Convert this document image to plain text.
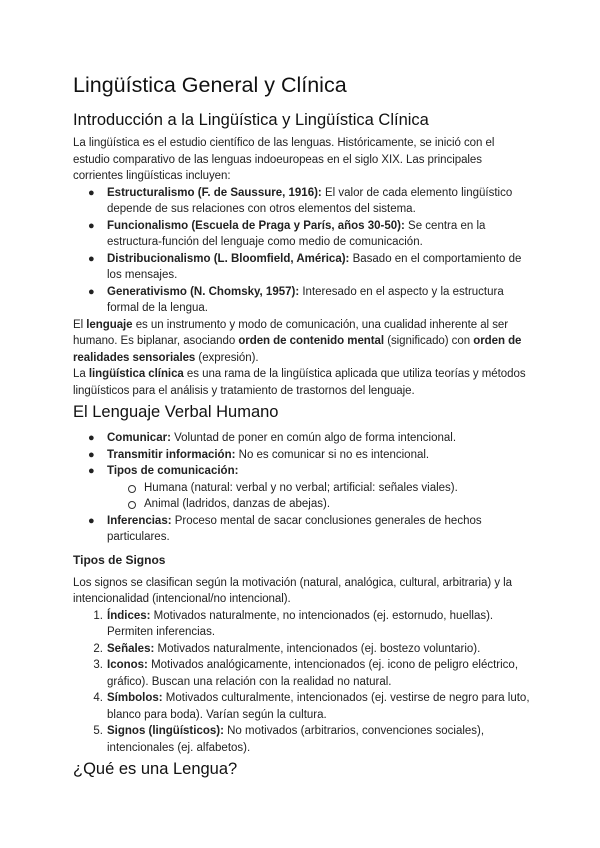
Lingüística General y Clínica
Introducción a la Lingüística y Lingüística Clínica

La lingüística es el estudio científico de las lenguas. Históricamente, se inició con el estudio comparativo de las lenguas indoeuropeas en el siglo XIX. Las principales corrientes lingüísticas incluyen:

●	Estructuralismo (F. de Saussure, 1916): El valor de cada elemento lingüístico depende de sus relaciones con otros elementos del sistema.
●	Funcionalismo (Escuela de Praga y París, años 30-50): Se centra en la estructura-función del lenguaje como medio de comunicación.
●	Distribucionalismo (L. Bloomfield, América): Basado en el comportamiento de los mensajes.
●	Generativismo (N. Chomsky, 1957): Interesado en el aspecto y la estructura formal de la lengua.

El lenguaje es un instrumento y modo de comunicación, una cualidad inherente al ser humano. Es biplanar, asociando orden de contenido mental (significado) con orden de realidades sensoriales (expresión).

La lingüística clínica es una rama de la lingüística aplicada que utiliza teorías y métodos lingüísticos para el análisis y tratamiento de trastornos del lenguaje.

El Lenguaje Verbal Humano
●	Comunicar: Voluntad de poner en común algo de forma intencional.
●	Transmitir información: No es comunicar si no es intencional.
●	Tipos de comunicación:
Humana (natural: verbal y no verbal; artificial: señales viales).
Animal (ladridos, danzas de abejas).
●	Inferencias: Proceso mental de sacar conclusiones generales de hechos particulares.
Tipos de Signos

Los signos se clasifican según la motivación (natural, analógica, cultural, arbitraria) y la intencionalidad (intencional/no intencional).

1. Índices: Motivados naturalmente, no intencionados (ej. estornudo, huellas). Permiten inferencias.
2. Señales: Motivados naturalmente, intencionados (ej. bostezo voluntario).
3. Iconos: Motivados analógicamente, intencionados (ej. icono de peligro eléctrico, gráfico). Buscan una relación con la realidad no natural.
4. Símbolos: Motivados culturalmente, intencionados (ej. vestirse de negro para luto, blanco para boda). Varían según la cultura.
5. Signos (lingüísticos): No motivados (arbitrarios, convenciones sociales), intencionales (ej. alfabetos).
¿Qué es una Lengua?
